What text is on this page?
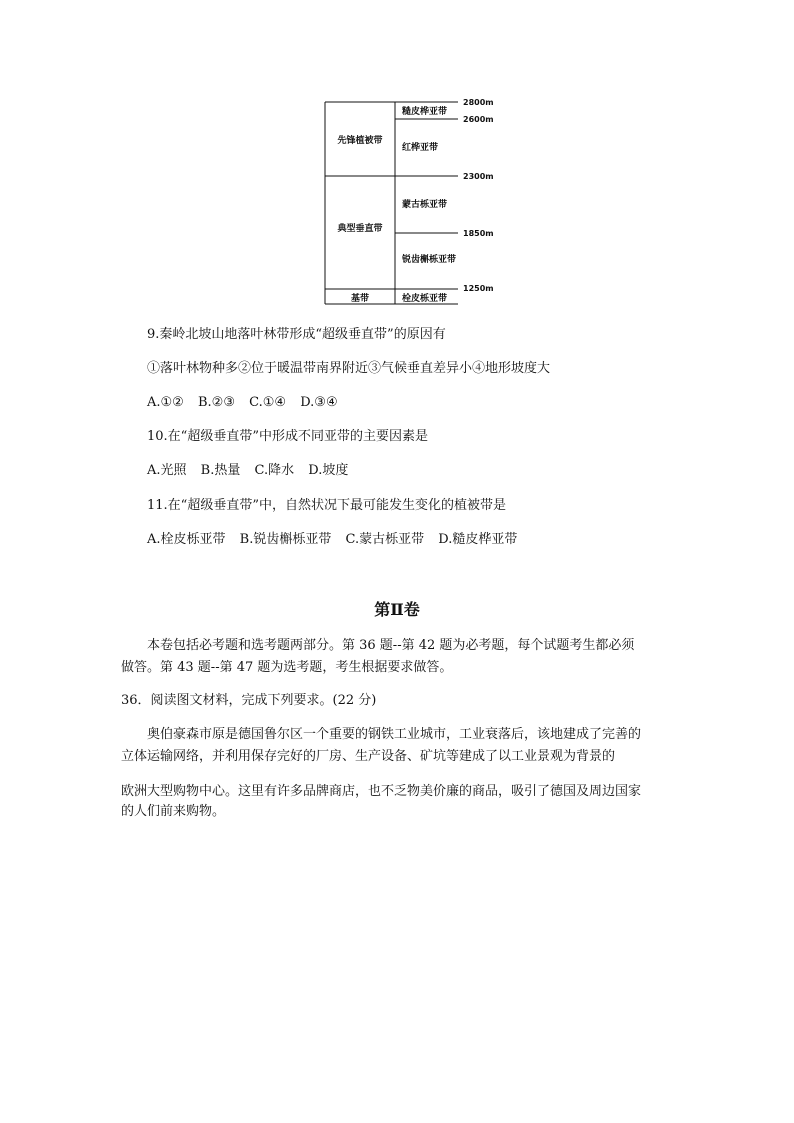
先锋植被带
典型垂直带
基带
糙皮桦亚带
红桦亚带
蒙古栎亚带
锐齿槲栎亚带
栓皮栎亚带
2800m
2600m
2300m
1850m
1250m
9.秦岭北坡山地落叶林带形成“超级垂直带”的原因有
①落叶林物种多②位于暖温带南界附近③气候垂直差异小④地形坡度大
A.①② B.②③ C.①④ D.③④
10.在“超级垂直带”中形成不同亚带的主要因素是
A.光照 B.热量 C.降水 D.坡度
11.在“超级垂直带”中，自然状况下最可能发生变化的植被带是
A.栓皮栎亚带 B.锐齿槲栎亚带 C.蒙古栎亚带 D.糙皮桦亚带
第Ⅱ卷
本卷包括必考题和选考题两部分。第 36 题--第 42 题为必考题，每个试题考生都必须
做答。第 43 题--第 47 题为选考题，考生根据要求做答。
36．阅读图文材料，完成下列要求。(22 分)
奥伯豪森市原是德国鲁尔区一个重要的钢铁工业城市，工业衰落后，该地建成了完善的
立体运输网络，并利用保存完好的厂房、生产设备、矿坑等建成了以工业景观为背景的
欧洲大型购物中心。这里有许多品牌商店，也不乏物美价廉的商品，吸引了德国及周边国家
的人们前来购物。
